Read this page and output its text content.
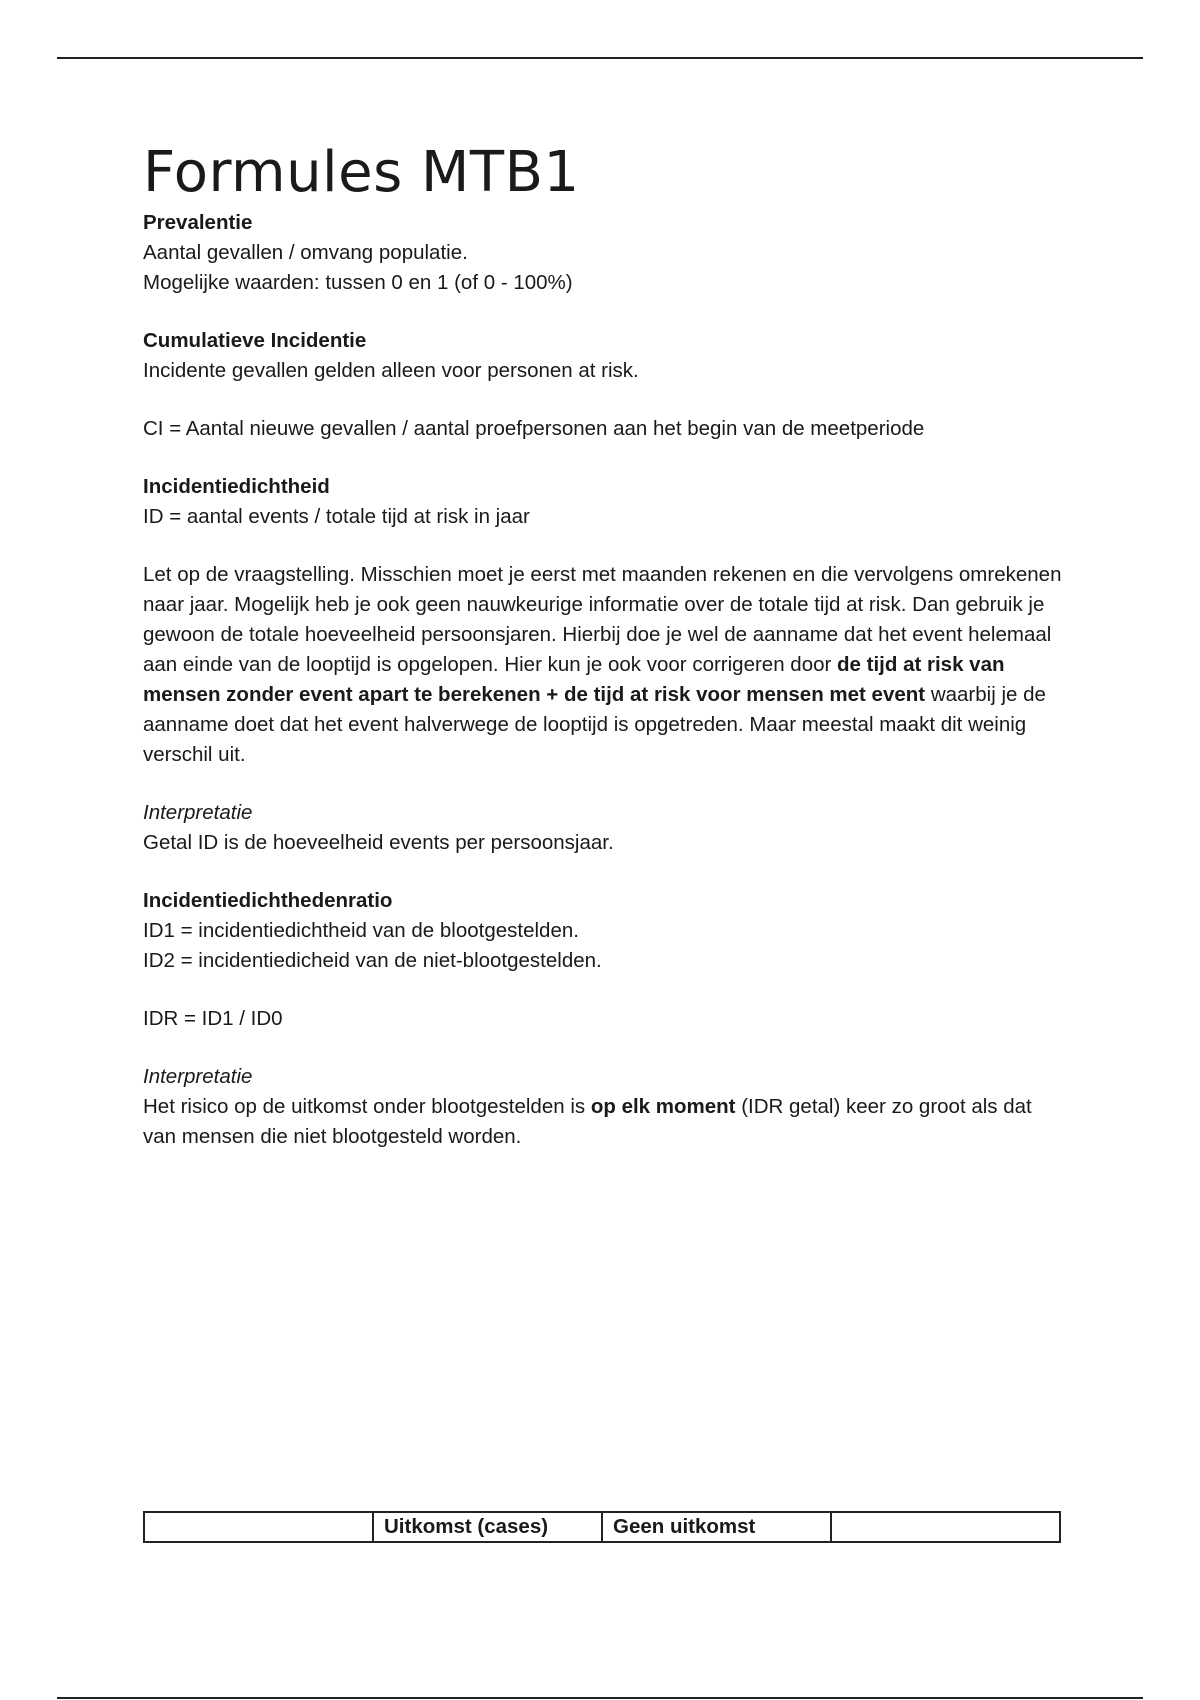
Formules MTB1

Prevalentie

Aantal gevallen / omvang populatie.

Mogelijke waarden: tussen 0 en 1 (of 0 - 100%)

Cumulatieve Incidentie

Incidente gevallen gelden alleen voor personen at risk.

CI = Aantal nieuwe gevallen / aantal proefpersonen aan het begin van de meetperiode

Incidentiedichtheid

ID = aantal events / totale tijd at risk in jaar

Let op de vraagstelling. Misschien moet je eerst met maanden rekenen en die vervolgens omrekenen naar jaar. Mogelijk heb je ook geen nauwkeurige informatie over de totale tijd at risk. Dan gebruik je gewoon de totale hoeveelheid persoonsjaren. Hierbij doe je wel de aanname dat het event helemaal aan einde van de looptijd is opgelopen. Hier kun je ook voor corrigeren door de tijd at risk van mensen zonder event apart te berekenen + de tijd at risk voor mensen met event waarbij je de aanname doet dat het event halverwege de looptijd is opgetreden. Maar meestal maakt dit weinig verschil uit.

Interpretatie

Getal ID is de hoeveelheid events per persoonsjaar.

Incidentiedichthedenratio

ID1 = incidentiedichtheid van de blootgestelden.

ID2 = incidentiedicheid van de niet-blootgestelden.

IDR = ID1 / ID0

Interpretatie

Het risico op de uitkomst onder blootgestelden is op elk moment (IDR getal) keer zo groot als dat van mensen die niet blootgesteld worden.

Uitkomst (cases)	Geen uitkomst
